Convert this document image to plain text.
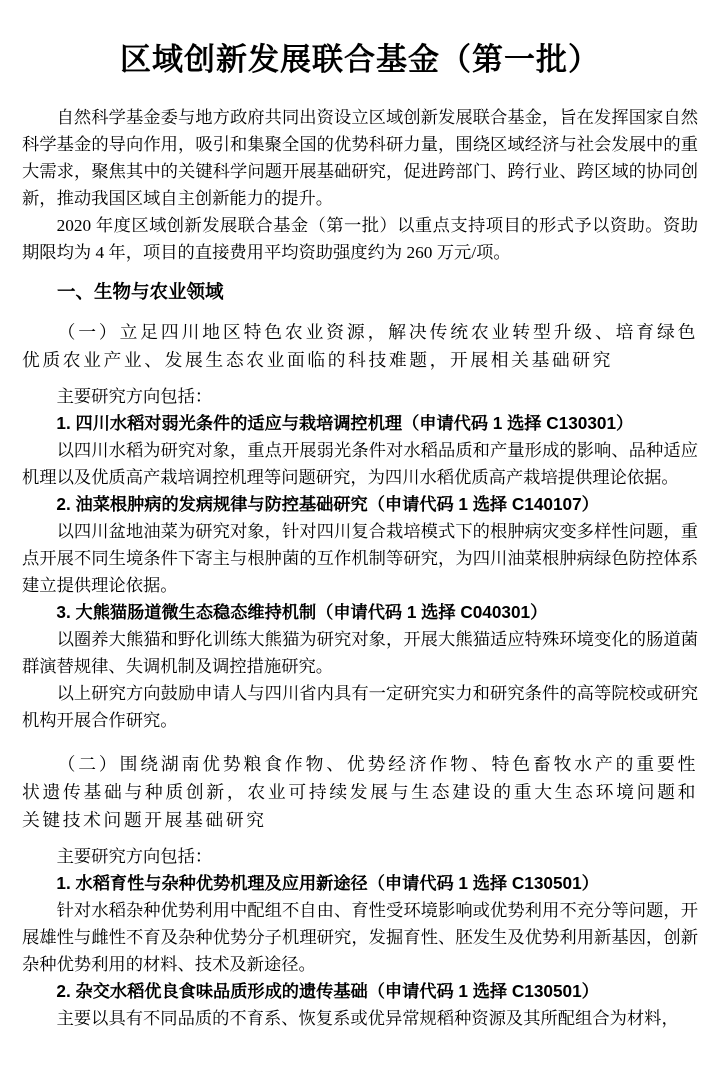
区域创新发展联合基金（第一批）

自然科学基金委与地方政府共同出资设立区域创新发展联合基金，旨在发挥国家自然科学基金的导向作用，吸引和集聚全国的优势科研力量，围绕区域经济与社会发展中的重大需求，聚焦其中的关键科学问题开展基础研究，促进跨部门、跨行业、跨区域的协同创新，推动我国区域自主创新能力的提升。

2020 年度区域创新发展联合基金（第一批）以重点支持项目的形式予以资助。资助期限均为 4 年，项目的直接费用平均资助强度约为 260 万元/项。

一、生物与农业领域

（一）立足四川地区特色农业资源，解决传统农业转型升级、培育绿色优质农业产业、发展生态农业面临的科技难题，开展相关基础研究

主要研究方向包括：

1. 四川水稻对弱光条件的适应与栽培调控机理（申请代码 1 选择 C130301）

以四川水稻为研究对象，重点开展弱光条件对水稻品质和产量形成的影响、品种适应机理以及优质高产栽培调控机理等问题研究，为四川水稻优质高产栽培提供理论依据。

2. 油菜根肿病的发病规律与防控基础研究（申请代码 1 选择 C140107）

以四川盆地油菜为研究对象，针对四川复合栽培模式下的根肿病灾变多样性问题，重点开展不同生境条件下寄主与根肿菌的互作机制等研究，为四川油菜根肿病绿色防控体系建立提供理论依据。

3. 大熊猫肠道微生态稳态维持机制（申请代码 1 选择 C040301）

以圈养大熊猫和野化训练大熊猫为研究对象，开展大熊猫适应特殊环境变化的肠道菌群演替规律、失调机制及调控措施研究。

以上研究方向鼓励申请人与四川省内具有一定研究实力和研究条件的高等院校或研究机构开展合作研究。

（二）围绕湖南优势粮食作物、优势经济作物、特色畜牧水产的重要性状遗传基础与种质创新，农业可持续发展与生态建设的重大生态环境问题和关键技术问题开展基础研究

主要研究方向包括：

1. 水稻育性与杂种优势机理及应用新途径（申请代码 1 选择 C130501）

针对水稻杂种优势利用中配组不自由、育性受环境影响或优势利用不充分等问题，开展雄性与雌性不育及杂种优势分子机理研究，发掘育性、胚发生及优势利用新基因，创新杂种优势利用的材料、技术及新途径。

2. 杂交水稻优良食味品质形成的遗传基础（申请代码 1 选择 C130501）

主要以具有不同品质的不育系、恢复系或优异常规稻种资源及其所配组合为材料，
